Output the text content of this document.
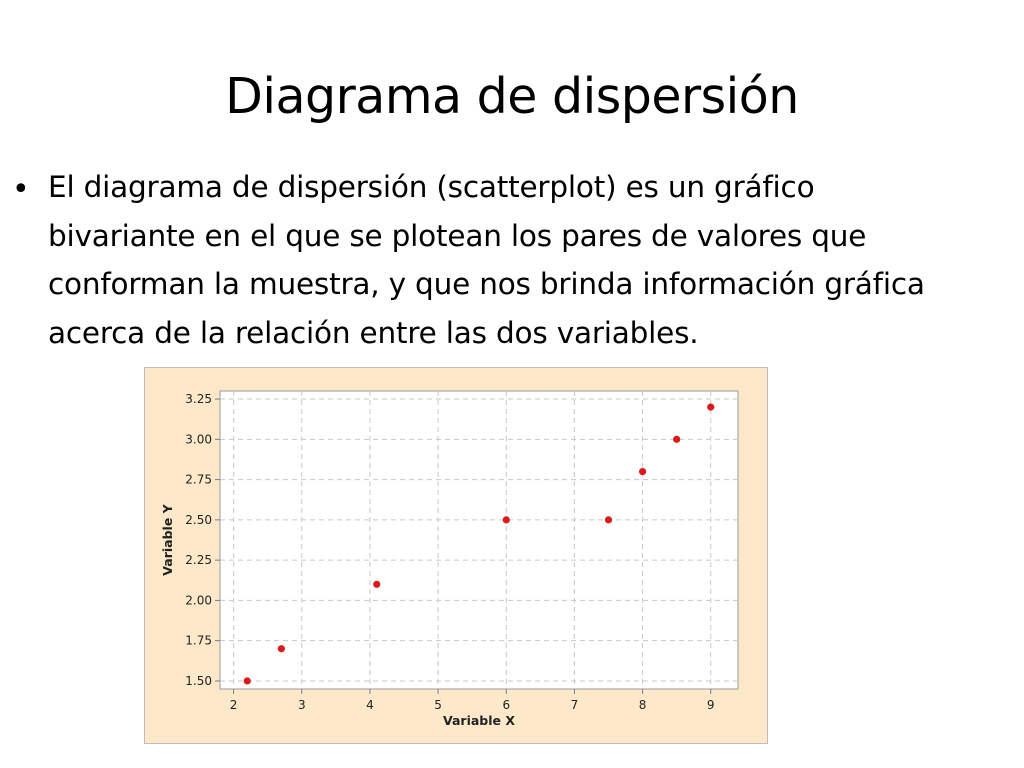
Diagrama de dispersión
• El diagrama de dispersión (scatterplot) es un gráfico bivariante en el que se plotean los pares de valores que conforman la muestra, y que nos brinda información gráfica acerca de la relación entre las dos variables.
2	3	4	5	6	7	8	9
1.50
1.75
2.00
2.25
2.50
2.75
3.00
3.25
Variable X
Variable Y
